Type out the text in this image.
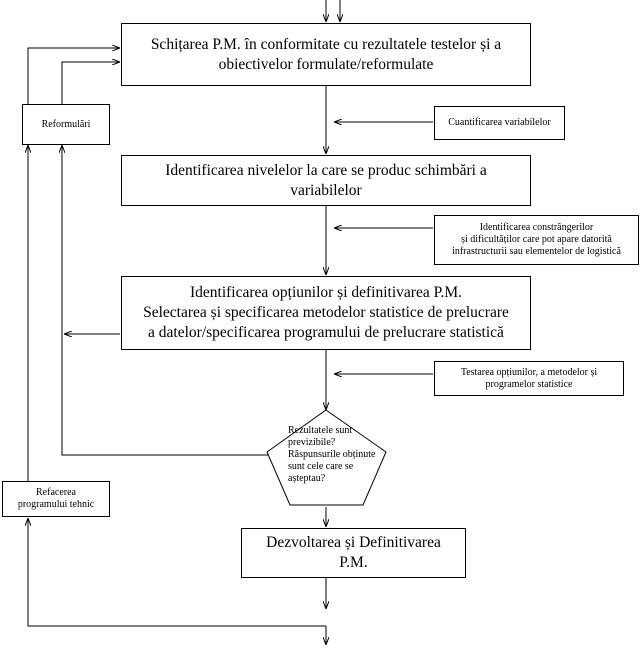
Schițarea P.M. în conformitate cu rezultatele testelor și a
obiectivelor formulate/reformulate
Identificarea nivelelor la care se produc schimbări a
variabilelor
Identificarea opțiunilor și definitivarea P.M.
Selectarea și specificarea metodelor statistice de prelucrare
a datelor/specificarea programului de prelucrare statistică
Dezvoltarea și Definitivarea
P.M.
Reformulări	Cuantificarea variabilelor
Identificarea constrângerilor
și dificultăților care pot apare datorită
infrastructurii sau elementelor de logistică
Testarea opțiunilor, a metodelor și
programelor statistice
Refacerea
programului tehnic
Rezultatele sunt
previzibile?
Răspunsurile obținute
sunt cele care se
așteptau?
